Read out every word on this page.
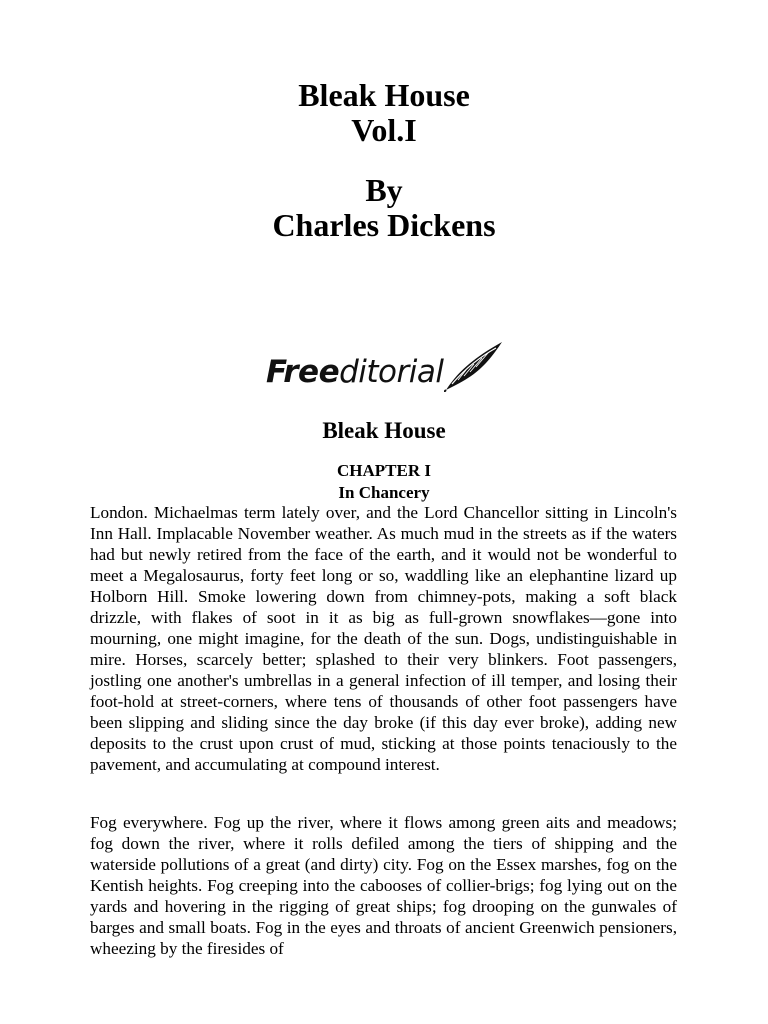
Bleak House
Vol.I
By
Charles Dickens
Freeditorial
Bleak House
CHAPTER I
In Chancery

London. Michaelmas term lately over, and the Lord Chancellor sitting in Lincoln's Inn Hall. Implacable November weather. As much mud in the streets as if the waters had but newly retired from the face of the earth, and it would not be wonderful to meet a Megalosaurus, forty feet long or so, waddling like an elephantine lizard up Holborn Hill. Smoke lowering down from chimney-pots, making a soft black drizzle, with flakes of soot in it as big as full-grown snowflakes—gone into mourning, one might imagine, for the death of the sun. Dogs, undistinguishable in mire. Horses, scarcely better; splashed to their very blinkers. Foot passengers, jostling one another's umbrellas in a general infection of ill temper, and losing their foot-hold at street-corners, where tens of thousands of other foot passengers have been slipping and sliding since the day broke (if this day ever broke), adding new deposits to the crust upon crust of mud, sticking at those points tenaciously to the pavement, and accumulating at compound interest.

Fog everywhere. Fog up the river, where it flows among green aits and meadows; fog down the river, where it rolls defiled among the tiers of shipping and the waterside pollutions of a great (and dirty) city. Fog on the Essex marshes, fog on the Kentish heights. Fog creeping into the cabooses of collier-brigs; fog lying out on the yards and hovering in the rigging of great ships; fog drooping on the gunwales of barges and small boats. Fog in the eyes and throats of ancient Greenwich pensioners, wheezing by the firesides of
